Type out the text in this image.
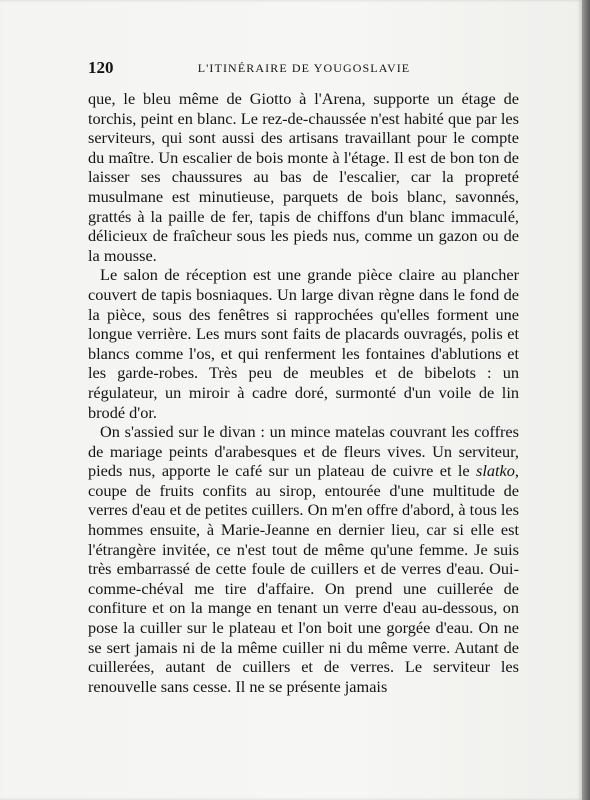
120	L'ITINÉRAIRE DE YOUGOSLAVIE

que, le bleu même de Giotto à l'Arena, supporte un étage de torchis, peint en blanc. Le rez-de-chaussée n'est habité que par les serviteurs, qui sont aussi des artisans travaillant pour le compte du maître. Un escalier de bois monte à l'étage. Il est de bon ton de laisser ses chaussures au bas de l'escalier, car la propreté musulmane est minutieuse, parquets de bois blanc, savonnés, grattés à la paille de fer, tapis de chiffons d'un blanc immaculé, délicieux de fraîcheur sous les pieds nus, comme un gazon ou de la mousse.

Le salon de réception est une grande pièce claire au plancher couvert de tapis bosniaques. Un large divan règne dans le fond de la pièce, sous des fenêtres si rapprochées qu'elles forment une longue verrière. Les murs sont faits de placards ouvragés, polis et blancs comme l'os, et qui renferment les fontaines d'ablutions et les garde-robes. Très peu de meubles et de bibelots : un régulateur, un miroir à cadre doré, surmonté d'un voile de lin brodé d'or.

On s'assied sur le divan : un mince matelas couvrant les coffres de mariage peints d'arabesques et de fleurs vives. Un serviteur, pieds nus, apporte le café sur un plateau de cuivre et le slatko, coupe de fruits confits au sirop, entourée d'une multitude de verres d'eau et de petites cuillers. On m'en offre d'abord, à tous les hommes ensuite, à Marie-Jeanne en dernier lieu, car si elle est l'étrangère invitée, ce n'est tout de même qu'une femme. Je suis très embarrassé de cette foule de cuillers et de verres d'eau. Oui-comme-chéval me tire d'affaire. On prend une cuillerée de confiture et on la mange en tenant un verre d'eau au-dessous, on pose la cuiller sur le plateau et l'on boit une gorgée d'eau. On ne se sert jamais ni de la même cuiller ni du même verre. Autant de cuillerées, autant de cuillers et de verres. Le serviteur les renouvelle sans cesse. Il ne se présente jamais
